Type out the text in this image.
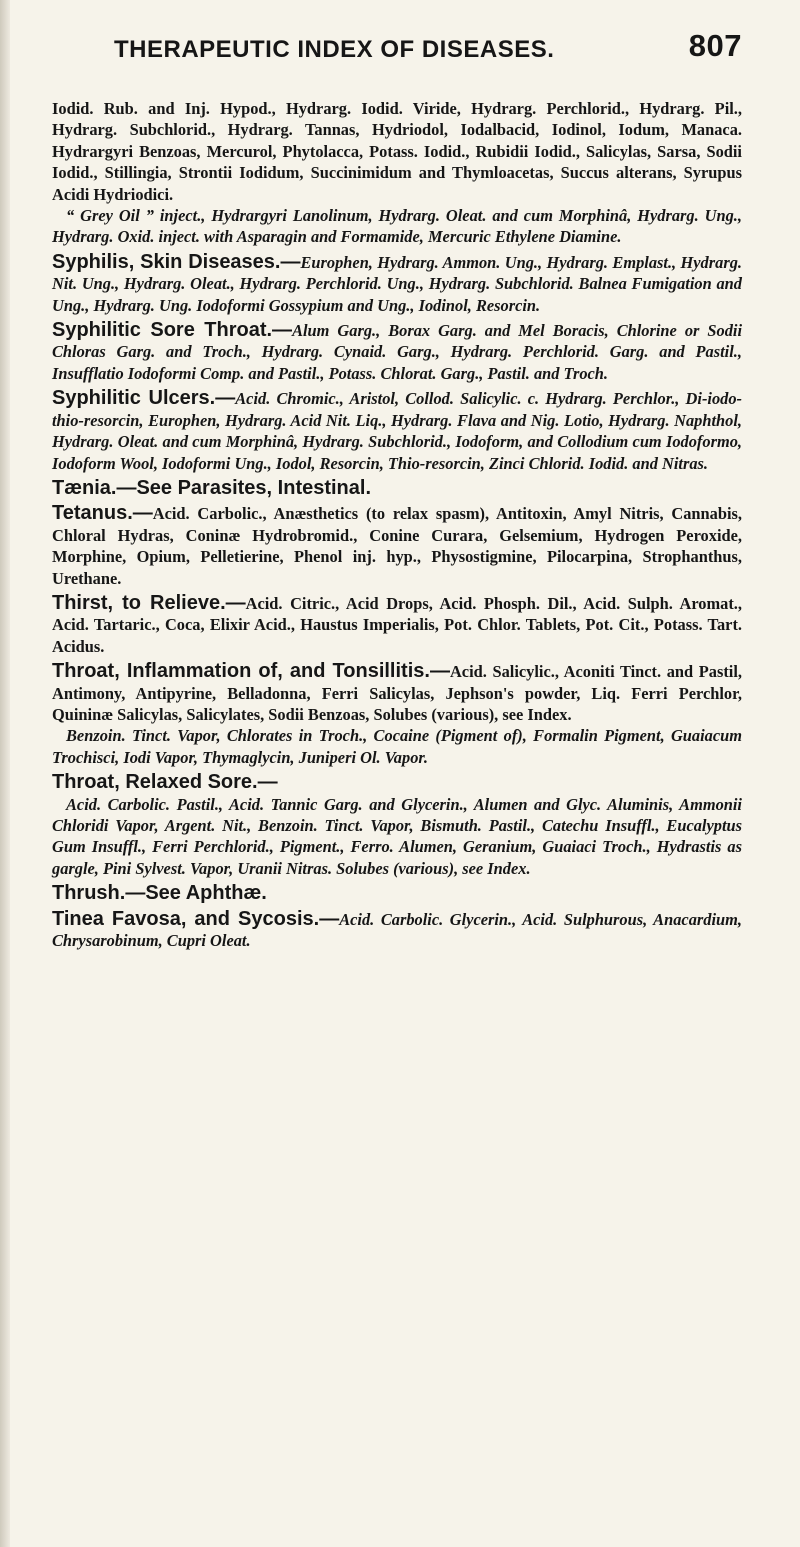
THERAPEUTIC INDEX OF DISEASES.	807

Iodid. Rub. and Inj. Hypod., Hydrarg. Iodid. Viride, Hydrarg. Perchlorid., Hydrarg. Pil., Hydrarg. Subchlorid., Hydrarg. Tannas, Hydriodol, Iodalbacid, Iodinol, Iodum, Manaca. Hydrargyri Benzoas, Mercurol, Phytolacca, Potass. Iodid., Rubidii Iodid., Salicylas, Sarsa, Sodii Iodid., Stillingia, Strontii Iodidum, Succinimidum and Thymloacetas, Succus alterans, Syrupus Acidi Hydriodici.

“ Grey Oil ” inject., Hydrargyri Lanolinum, Hydrarg. Oleat. and cum Morphinâ, Hydrarg. Ung., Hydrarg. Oxid. inject. with Asparagin and Formamide, Mercuric Ethylene Diamine.

Syphilis, Skin Diseases.—Europhen, Hydrarg. Ammon. Ung., Hydrarg. Emplast., Hydrarg. Nit. Ung., Hydrarg. Oleat., Hydrarg. Perchlorid. Ung., Hydrarg. Subchlorid. Balnea Fumigation and Ung., Hydrarg. Ung. Iodoformi Gossypium and Ung., Iodinol, Resorcin.

Syphilitic Sore Throat.—Alum Garg., Borax Garg. and Mel Boracis, Chlorine or Sodii Chloras Garg. and Troch., Hydrarg. Cynaid. Garg., Hydrarg. Perchlorid. Garg. and Pastil., Insufflatio Iodoformi Comp. and Pastil., Potass. Chlorat. Garg., Pastil. and Troch.

Syphilitic Ulcers.—Acid. Chromic., Aristol, Collod. Salicylic. c. Hydrarg. Perchlor., Di-iodo-thio-resorcin, Europhen, Hydrarg. Acid Nit. Liq., Hydrarg. Flava and Nig. Lotio, Hydrarg. Naphthol, Hydrarg. Oleat. and cum Morphinâ, Hydrarg. Subchlorid., Iodoform, and Collodium cum Iodoformo, Iodoform Wool, Iodoformi Ung., Iodol, Resorcin, Thio-resorcin, Zinci Chlorid. Iodid. and Nitras.

Tænia.—See Parasites, Intestinal.

Tetanus.—Acid. Carbolic., Anæsthetics (to relax spasm), Antitoxin, Amyl Nitris, Cannabis, Chloral Hydras, Coninæ Hydrobromid., Conine Curara, Gelsemium, Hydrogen Peroxide, Morphine, Opium, Pelletierine, Phenol inj. hyp., Physostigmine, Pilocarpina, Strophanthus, Urethane.

Thirst, to Relieve.—Acid. Citric., Acid Drops, Acid. Phosph. Dil., Acid. Sulph. Aromat., Acid. Tartaric., Coca, Elixir Acid., Haustus Imperialis, Pot. Chlor. Tablets, Pot. Cit., Potass. Tart. Acidus.

Throat, Inflammation of, and Tonsillitis.—Acid. Salicylic., Aconiti Tinct. and Pastil, Antimony, Antipyrine, Belladonna, Ferri Salicylas, Jephson's powder, Liq. Ferri Perchlor, Quininæ Salicylas, Salicylates, Sodii Benzoas, Solubes (various), see Index.

Benzoin. Tinct. Vapor, Chlorates in Troch., Cocaine (Pigment of), Formalin Pigment, Guaiacum Trochisci, Iodi Vapor, Thymaglycin, Juniperi Ol. Vapor.

Throat, Relaxed Sore.—

Acid. Carbolic. Pastil., Acid. Tannic Garg. and Glycerin., Alumen and Glyc. Aluminis, Ammonii Chloridi Vapor, Argent. Nit., Benzoin. Tinct. Vapor, Bismuth. Pastil., Catechu Insuffl., Eucalyptus Gum Insuffl., Ferri Perchlorid., Pigment., Ferro. Alumen, Geranium, Guaiaci Troch., Hydrastis as gargle, Pini Sylvest. Vapor, Uranii Nitras. Solubes (various), see Index.

Thrush.—See Aphthæ.

Tinea Favosa, and Sycosis.—Acid. Carbolic. Glycerin., Acid. Sulphurous, Anacardium, Chrysarobinum, Cupri Oleat.
